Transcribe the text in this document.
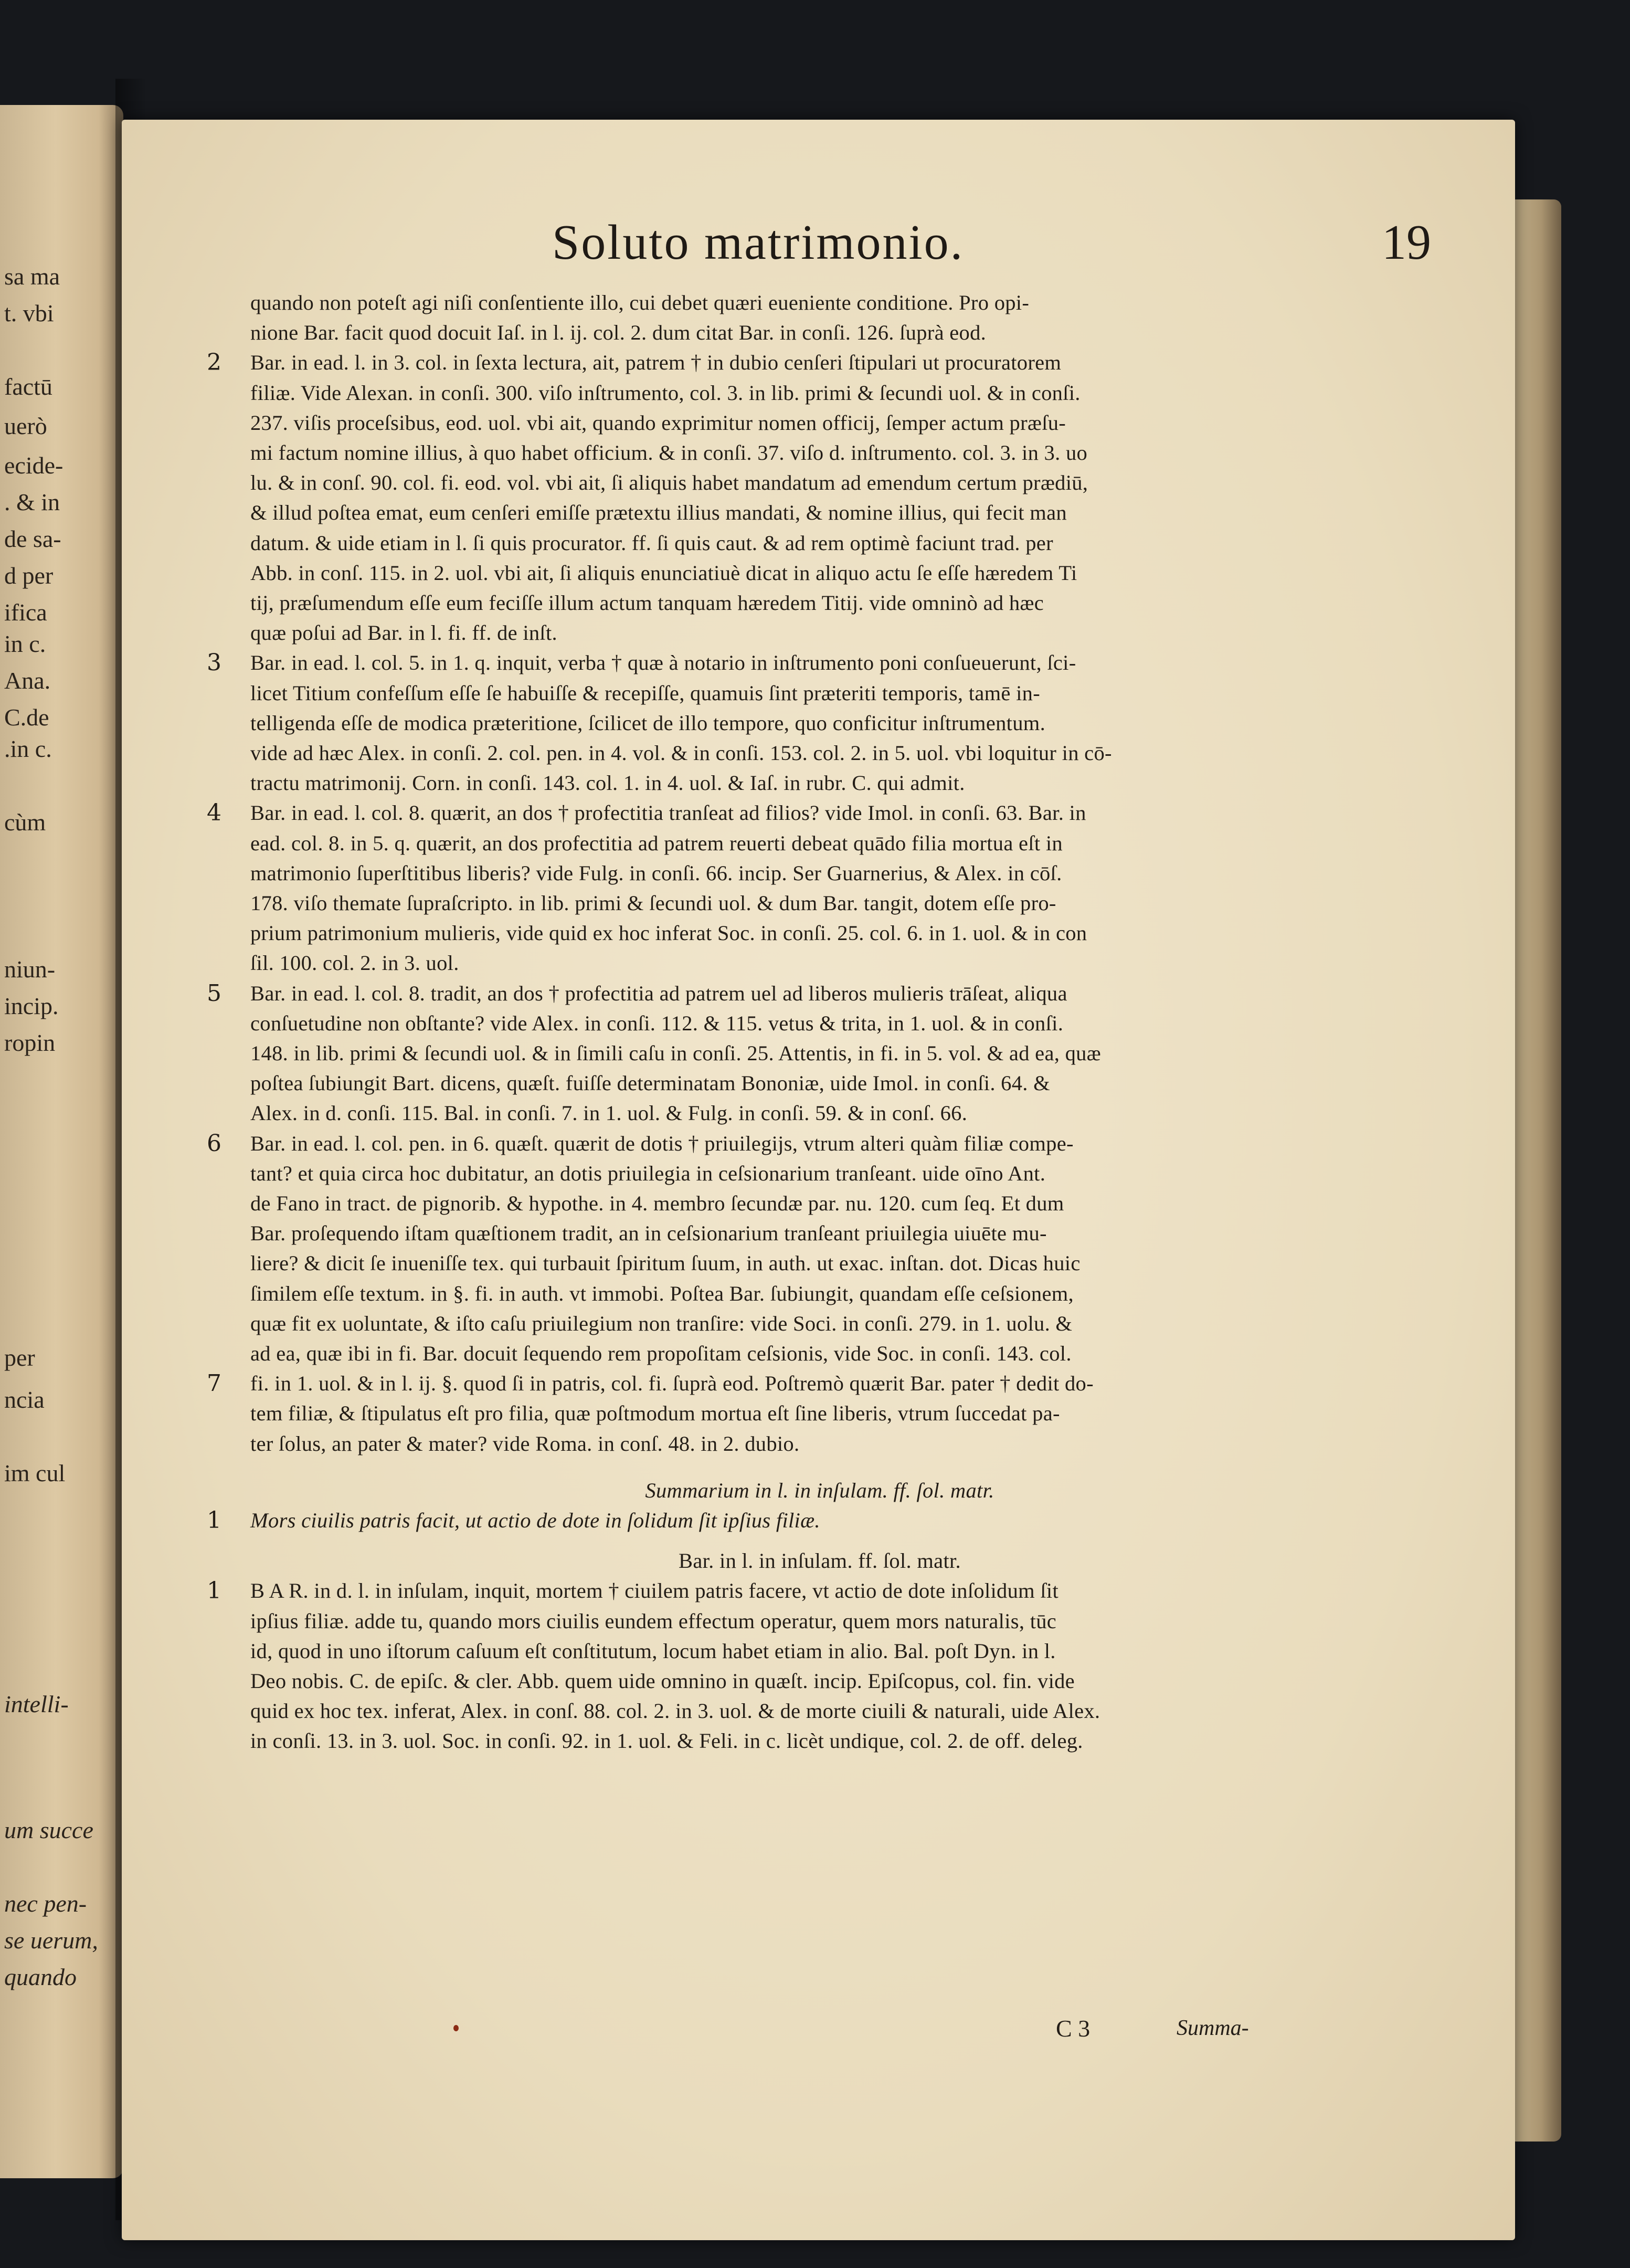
sa ma
t. vbi
factū
uerò
ecide-
. & in
de sa-
d per
ifica
in c.
Ana.
C.de
.in c.
cùm
niun-
incip.
ropin
per
ncia
im cul
intelli-
um succe
nec pen-
se uerum,
quando
Soluto matrimonio.	19
quando non poteſt agi niſi conſentiente illo, cui debet quæri eueniente conditione. Pro opi-
nione Bar. facit quod docuit Iaſ. in l. ij. col. 2. dum citat Bar. in conſi. 126. ſuprà eod.
2 Bar. in ead. l. in 3. col. in ſexta lectura, ait, patrem † in dubio cenſeri ſtipulari ut procuratorem
filiæ. Vide Alexan. in conſi. 300. viſo inſtrumento, col. 3. in lib. primi & ſecundi uol. & in conſi.
237. viſis proceſsibus, eod. uol. vbi ait, quando exprimitur nomen officij, ſemper actum præſu-
mi factum nomine illius, à quo habet officium. & in conſi. 37. viſo d. inſtrumento. col. 3. in 3. uo
lu. & in conſ. 90. col. fi. eod. vol. vbi ait, ſi aliquis habet mandatum ad emendum certum prædiū,
& illud poſtea emat, eum cenſeri emiſſe prætextu illius mandati, & nomine illius, qui fecit man
datum. & uide etiam in l. ſi quis procurator. ff. ſi quis caut. & ad rem optimè faciunt trad. per
Abb. in conſ. 115. in 2. uol. vbi ait, ſi aliquis enunciatiuè dicat in aliquo actu ſe eſſe hæredem Ti
tij, præſumendum eſſe eum feciſſe illum actum tanquam hæredem Titij. vide omninò ad hæc
quæ poſui ad Bar. in l. fi. ff. de inſt.
3 Bar. in ead. l. col. 5. in 1. q. inquit, verba † quæ à notario in inſtrumento poni conſueuerunt, ſci-
licet Titium confeſſum eſſe ſe habuiſſe & recepiſſe, quamuis ſint præteriti temporis, tamē in-
telligenda eſſe de modica præteritione, ſcilicet de illo tempore, quo conficitur inſtrumentum.
vide ad hæc Alex. in conſi. 2. col. pen. in 4. vol. & in conſi. 153. col. 2. in 5. uol. vbi loquitur in cō-
tractu matrimonij. Corn. in conſi. 143. col. 1. in 4. uol. & Iaſ. in rubr. C. qui admit.
4 Bar. in ead. l. col. 8. quærit, an dos † profectitia tranſeat ad filios? vide Imol. in conſi. 63. Bar. in
ead. col. 8. in 5. q. quærit, an dos profectitia ad patrem reuerti debeat quādo filia mortua eſt in
matrimonio ſuperſtitibus liberis? vide Fulg. in conſi. 66. incip. Ser Guarnerius, & Alex. in cōſ.
178. viſo themate ſupraſcripto. in lib. primi & ſecundi uol. & dum Bar. tangit, dotem eſſe pro-
prium patrimonium mulieris, vide quid ex hoc inferat Soc. in conſi. 25. col. 6. in 1. uol. & in con
ſil. 100. col. 2. in 3. uol.
5 Bar. in ead. l. col. 8. tradit, an dos † profectitia ad patrem uel ad liberos mulieris trāſeat, aliqua
conſuetudine non obſtante? vide Alex. in conſi. 112. & 115. vetus & trita, in 1. uol. & in conſi.
148. in lib. primi & ſecundi uol. & in ſimili caſu in conſi. 25. Attentis, in fi. in 5. vol. & ad ea, quæ
poſtea ſubiungit Bart. dicens, quæſt. fuiſſe determinatam Bononiæ, uide Imol. in conſi. 64. &
Alex. in d. conſi. 115. Bal. in conſi. 7. in 1. uol. & Fulg. in conſi. 59. & in conſ. 66.
6 Bar. in ead. l. col. pen. in 6. quæſt. quærit de dotis † priuilegijs, vtrum alteri quàm filiæ compe-
tant? et quia circa hoc dubitatur, an dotis priuilegia in ceſsionarium tranſeant. uide oīno Ant.
de Fano in tract. de pignorib. & hypothe. in 4. membro ſecundæ par. nu. 120. cum ſeq. Et dum
Bar. proſequendo iſtam quæſtionem tradit, an in ceſsionarium tranſeant priuilegia uiuēte mu-
liere? & dicit ſe inueniſſe tex. qui turbauit ſpiritum ſuum, in auth. ut exac. inſtan. dot. Dicas huic
ſimilem eſſe textum. in §. fi. in auth. vt immobi. Poſtea Bar. ſubiungit, quandam eſſe ceſsionem,
quæ fit ex uoluntate, & iſto caſu priuilegium non tranſire: vide Soci. in conſi. 279. in 1. uolu. &
ad ea, quæ ibi in fi. Bar. docuit ſequendo rem propoſitam ceſsionis, vide Soc. in conſi. 143. col.
7 fi. in 1. uol. & in l. ij. §. quod ſi in patris, col. fi. ſuprà eod. Poſtremò quærit Bar. pater † dedit do-
tem filiæ, & ſtipulatus eſt pro filia, quæ poſtmodum mortua eſt ſine liberis, vtrum ſuccedat pa-
ter ſolus, an pater & mater? vide Roma. in conſ. 48. in 2. dubio.
Summarium in l. in inſulam. ff. ſol. matr.
1 Mors ciuilis patris facit, ut actio de dote in ſolidum ſit ipſius filiæ.
Bar. in l. in inſulam. ff. ſol. matr.
1 B A R. in d. l. in inſulam, inquit, mortem † ciuilem patris facere, vt actio de dote inſolidum ſit
ipſius filiæ. adde tu, quando mors ciuilis eundem effectum operatur, quem mors naturalis, tūc
id, quod in uno iſtorum caſuum eſt conſtitutum, locum habet etiam in alio. Bal. poſt Dyn. in l.
Deo nobis. C. de epiſc. & cler. Abb. quem uide omnino in quæſt. incip. Epiſcopus, col. fin. vide
quid ex hoc tex. inferat, Alex. in conſ. 88. col. 2. in 3. uol. & de morte ciuili & naturali, uide Alex.
in conſi. 13. in 3. uol. Soc. in conſi. 92. in 1. uol. & Feli. in c. licèt undique, col. 2. de off. deleg.
C 3	Summa-
